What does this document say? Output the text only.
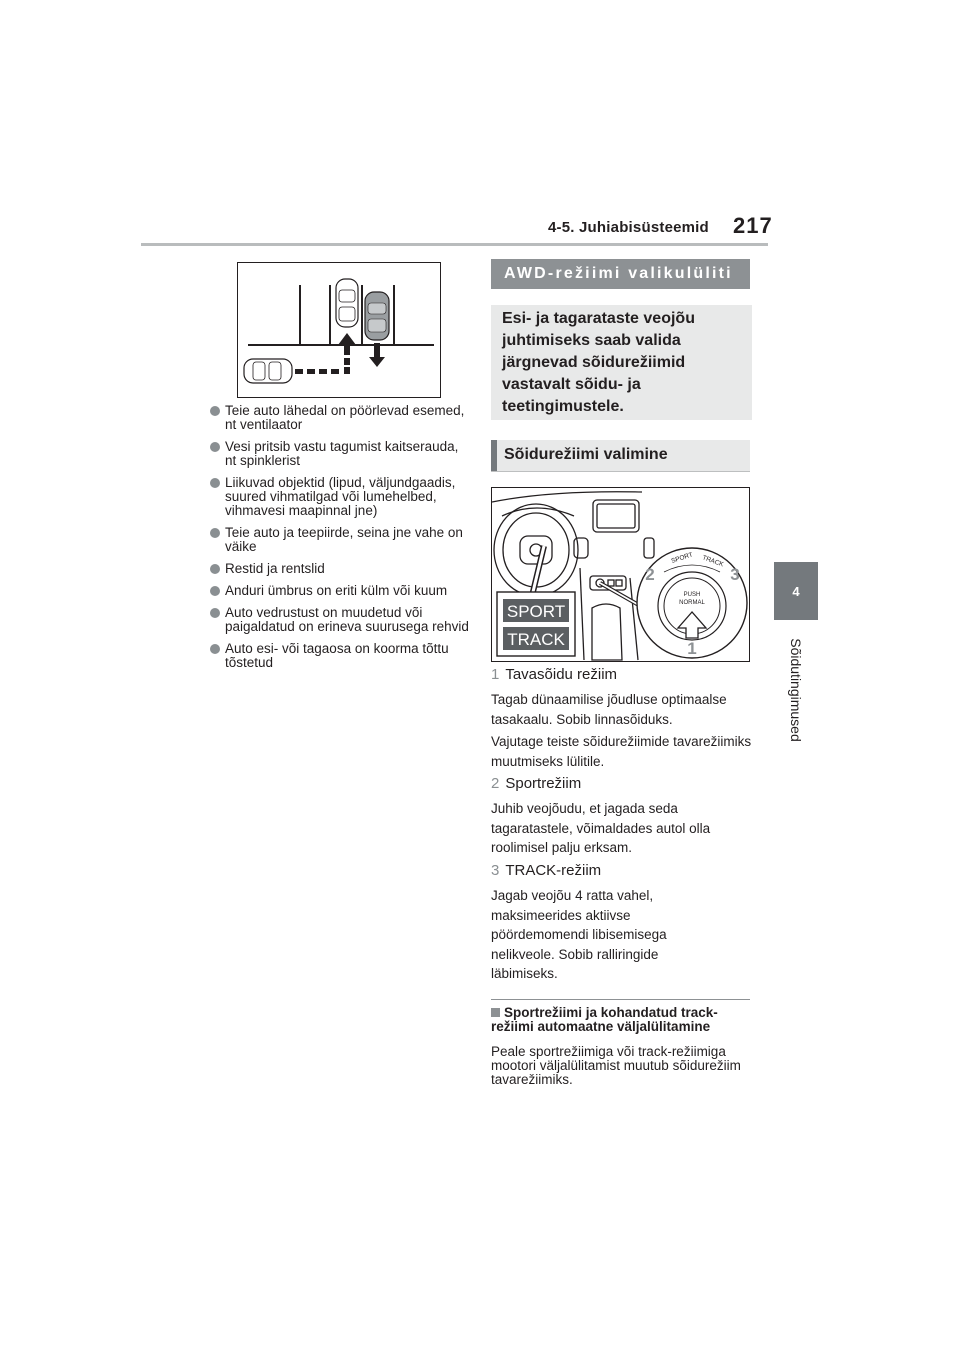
4-5. Juhiabisüsteemid 217
4
Sõidutingimused
Teie auto lähedal on pöörlevad esemed, nt ventilaator
Vesi pritsib vastu tagumist kaitserauda, nt spinklerist
Liikuvad objektid (lipud, väljundgaadis, suured vihmatilgad või lumehelbed, vihmavesi maapinnal jne)
Teie auto ja teepiirde, seina jne vahe on väike
Restid ja rentslid
Anduri ümbrus on eriti külm või kuum
Auto vedrustust on muudetud või paigaldatud on erineva suurusega rehvid
Auto esi- või tagaosa on koorma tõttu tõstetud
AWD-režiimi valikulüliti
Esi- ja tagarataste veojõu juhtimiseks saab valida järgnevad sõidurežiimid vastavalt sõidu- ja teetingimustele.
Sõidurežiimi valimine
SPORT
TRACK
SPORT TRACK
PUSH
NORMAL
1
2	3
1 Tavasõidu režiim
Tagab dünaamilise jõudluse optimaalse tasakaalu. Sobib linnasõiduks.
Vajutage teiste sõidurežiimide tavarežiimiks muutmiseks lülitile.
2 Sportrežiim
Juhib veojõudu, et jagada seda tagaratastele, võimaldades autol olla roolimisel palju erksam.
3 TRACK-režiim
Jagab veojõu 4 ratta vahel, maksimeerides aktiivse pöördemomendi libisemisega nelikveole. Sobib ralliringide läbimiseks.
Sportrežiimi ja kohandatud track-režiimi automaatne väljalülitamine
Peale sportrežiimiga või track-režiimiga mootori väljalülitamist muutub sõidurežiim tavarežiimiks.
